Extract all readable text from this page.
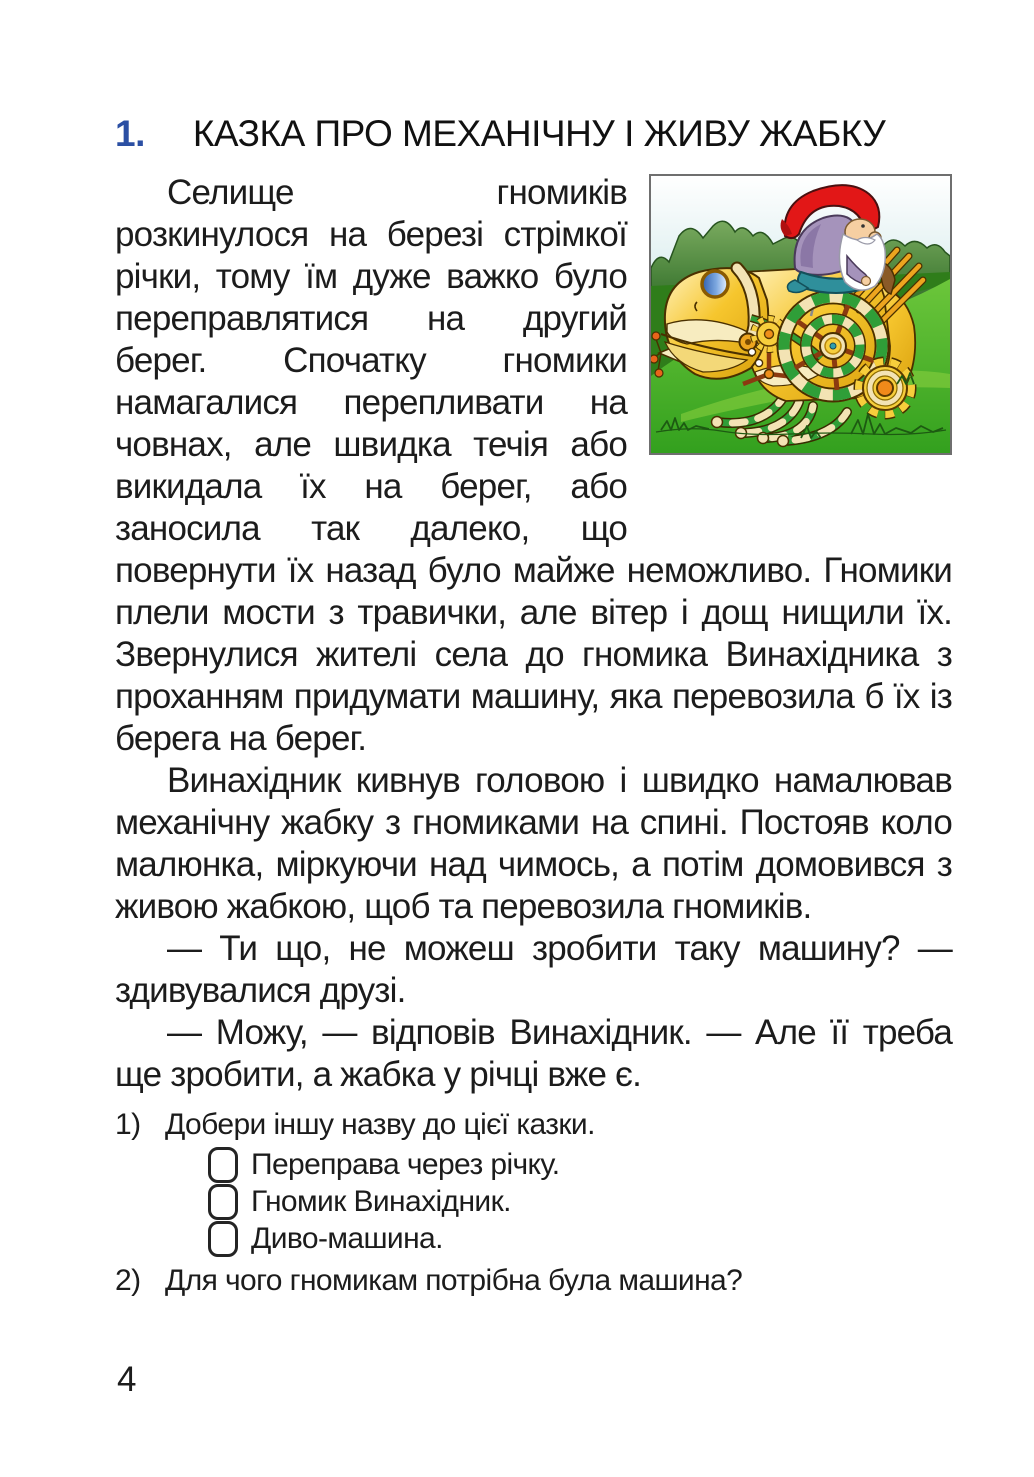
1. КАЗКА ПРО МЕХАНІЧНУ І ЖИВУ ЖАБКУ

Селище гномиків розкинулося на березі стрімкої річки, тому їм дуже важко було переправлятися на другий берег. Спочатку гномики намагалися перепливати на човнах, але швидка течія або викидала їх на берег, або заносила так далеко, що повернути їх назад було майже неможливо. Гномики плели мости з травички, але вітер і дощ нищили їх. Звернулися жителі села до гномика Винахідника з проханням придумати машину, яка перевозила б їх із берега на берег.

Винахідник кивнув головою і швидко намалював механічну жабку з гномиками на спині. Постояв коло малюнка, міркуючи над чимось, а потім домовився з живою жабкою, щоб та перевозила гномиків.

— Ти що, не можеш зробити таку машину? — здивувалися друзі.

— Можу, — відповів Винахідник. — Але її треба ще зробити, а жабка у річці вже є.

1) Добери іншу назву до цієї казки.
Переправа через річку.
Гномик Винахідник.
Диво-машина.
2) Для чого гномикам потрібна була машина?
4
